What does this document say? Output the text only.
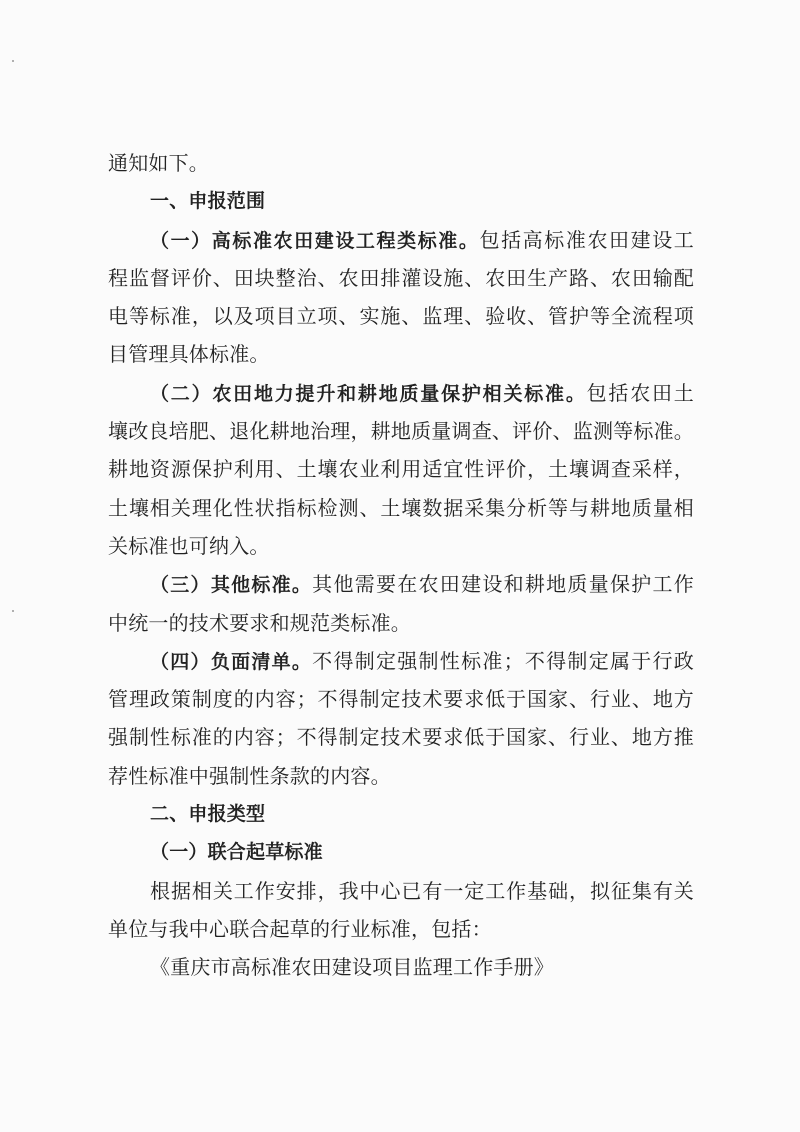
通知如下。
一、申报范围
（一）高标准农田建设工程类标准。包括高标准农田建设工
程监督评价、田块整治、农田排灌设施、农田生产路、农田输配
电等标准，以及项目立项、实施、监理、验收、管护等全流程项
目管理具体标准。
（二）农田地力提升和耕地质量保护相关标准。包括农田土
壤改良培肥、退化耕地治理，耕地质量调查、评价、监测等标准。
耕地资源保护利用、土壤农业利用适宜性评价，土壤调查采样，
土壤相关理化性状指标检测、土壤数据采集分析等与耕地质量相
关标准也可纳入。
（三）其他标准。其他需要在农田建设和耕地质量保护工作
中统一的技术要求和规范类标准。
（四）负面清单。不得制定强制性标准；不得制定属于行政
管理政策制度的内容；不得制定技术要求低于国家、行业、地方
强制性标准的内容；不得制定技术要求低于国家、行业、地方推
荐性标准中强制性条款的内容。
二、申报类型
（一）联合起草标准
根据相关工作安排，我中心已有一定工作基础，拟征集有关
单位与我中心联合起草的行业标准，包括：
《重庆市高标准农田建设项目监理工作手册》
